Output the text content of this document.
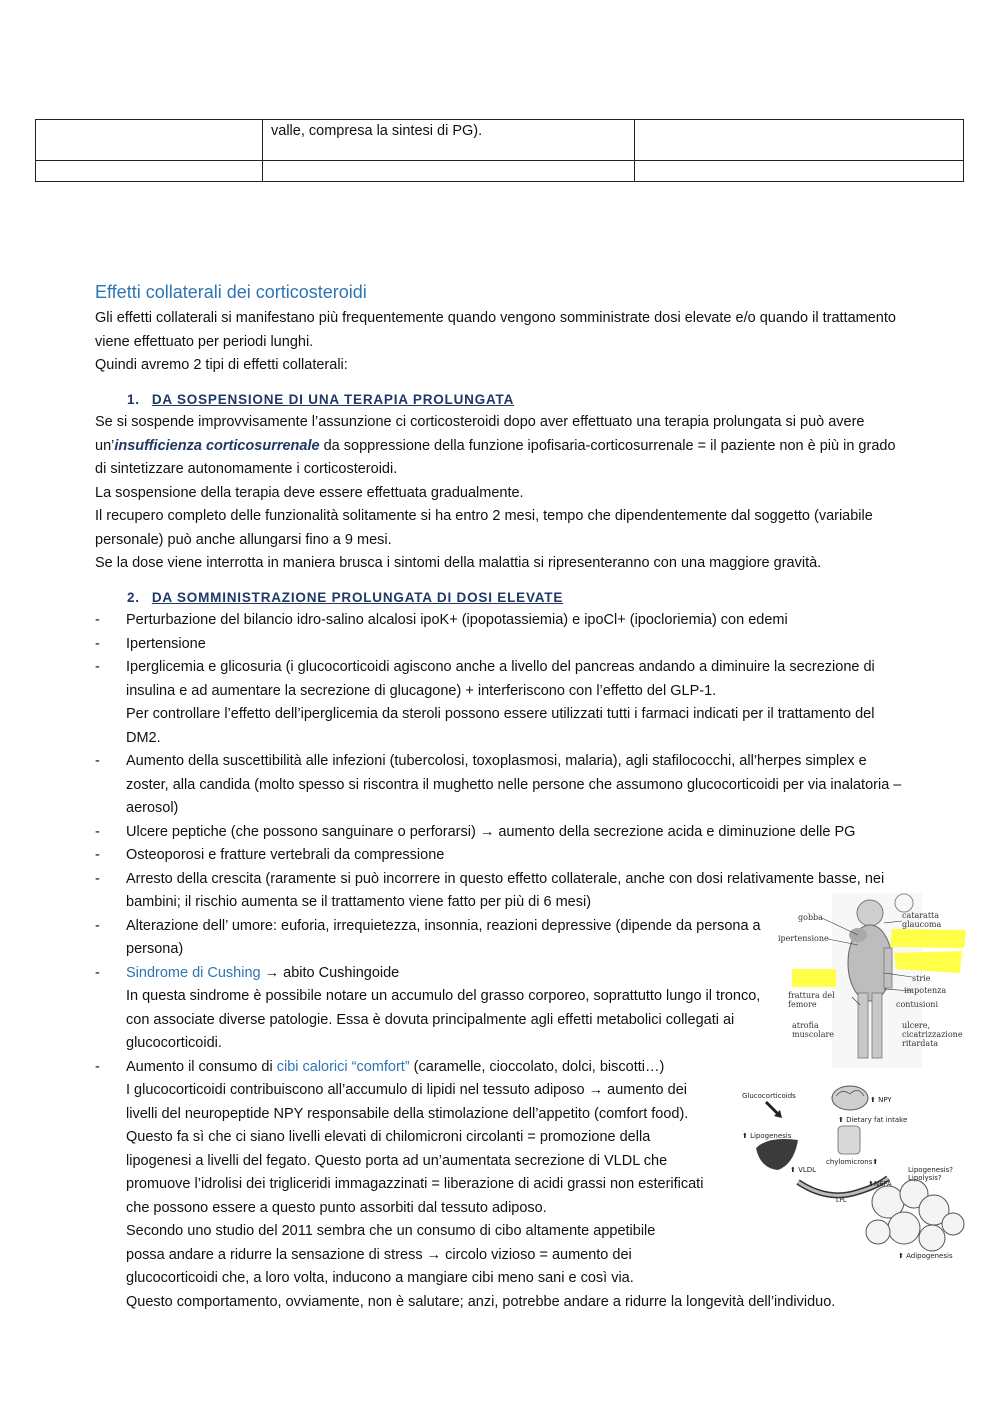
	valle, compresa la sintesi di PG).	

Effetti collaterali dei corticosteroidi

Gli effetti collaterali si manifestano più frequentemente quando vengono somministrate dosi elevate e/o quando il trattamento viene effettuato per periodi lunghi.

Quindi avremo 2 tipi di effetti collaterali:

1. DA SOSPENSIONE DI UNA TERAPIA PROLUNGATA

Se si sospende improvvisamente l’assunzione ci corticosteroidi dopo aver effettuato una terapia prolungata si può avere un’insufficienza corticosurrenale da soppressione della funzione ipofisaria-corticosurrenale = il paziente non è più in grado di sintetizzare autonomamente i corticosteroidi.

La sospensione della terapia deve essere effettuata gradualmente.

Il recupero completo delle funzionalità solitamente si ha entro 2 mesi, tempo che dipendentemente dal soggetto (variabile personale) può anche allungarsi fino a 9 mesi.

Se la dose viene interrotta in maniera brusca i sintomi della malattia si ripresenteranno con una maggiore gravità.

2. DA SOMMINISTRAZIONE PROLUNGATA DI DOSI ELEVATE
- Perturbazione del bilancio idro-salino alcalosi ipoK+ (ipopotassiemia) e ipoCl+ (ipocloriemia) con edemi
- Ipertensione
- Iperglicemia e glicosuria (i glucocorticoidi agiscono anche a livello del pancreas andando a diminuire la secrezione di insulina e ad aumentare la secrezione di glucagone) + interferiscono con l’effetto del GLP-1.
Per controllare l’effetto dell’iperglicemia da steroli possono essere utilizzati tutti i farmaci indicati per il trattamento del DM2.
- Aumento della suscettibilità alle infezioni (tubercolosi, toxoplasmosi, malaria), agli stafilococchi, all’herpes simplex e zoster, alla candida (molto spesso si riscontra il mughetto nelle persone che assumono glucocorticoidi per via inalatoria – aerosol)
- Ulcere peptiche (che possono sanguinare o perforarsi) → aumento della secrezione acida e diminuzione delle PG
- Osteoporosi e fratture vertebrali da compressione
- Arresto della crescita (raramente si può incorrere in questo effetto collaterale, anche con dosi relativamente basse, nei bambini; il rischio aumenta se il trattamento viene fatto per più di 6 mesi)
- Alterazione dell’ umore: euforia, irrequietezza, insonnia, reazioni depressive (dipende da persona a persona)
- Sindrome di Cushing → abito Cushingoide
In questa sindrome è possibile notare un accumulo del grasso corporeo, soprattutto lungo il tronco, con associate diverse patologie. Essa è dovuta principalmente agli effetti metabolici collegati ai glucocorticoidi.
- Aumento il consumo di cibi calorici “comfort” (caramelle, cioccolato, dolci, biscotti…)

I glucocorticoidi contribuiscono all’accumulo di lipidi nel tessuto adiposo → aumento dei livelli del neuropeptide NPY responsabile della stimolazione dell’appetito (comfort food). Questo fa sì che ci siano livelli elevati di chilomicroni circolanti = promozione della lipogenesi a livelli del fegato. Questo porta ad un’aumentata secrezione di VLDL che promuove l’idrolisi dei trigliceridi immagazzinati = liberazione di acidi grassi non esterificati che possono essere a questo punto assorbiti dal tessuto adiposo.
Secondo uno studio del 2011 sembra che un consumo di cibo altamente appetibile possa andare a ridurre la sensazione di stress → circolo vizioso = aumento dei glucocorticoidi che, a loro volta, inducono a mangiare cibi meno sani e così via.
Questo comportamento, ovviamente, non è salutare; anzi, potrebbe andare a ridurre la longevità dell’individuo.
gobba	cataratta
glaucoma
ipertensione
strie
impotenza
contusioni
frattura del
femore
atrofia
muscolare
ulcere,
cicatrizzazione
ritardata
Glucocorticoids	⬆ NPY
⬆ Dietary fat intake
⬆ Lipogenesis
chylomicrons⬆
⬆ VLDL
LPL
⬆NEFA
Lipogenesis?
Lipolysis?
⬆ Adipogenesis
